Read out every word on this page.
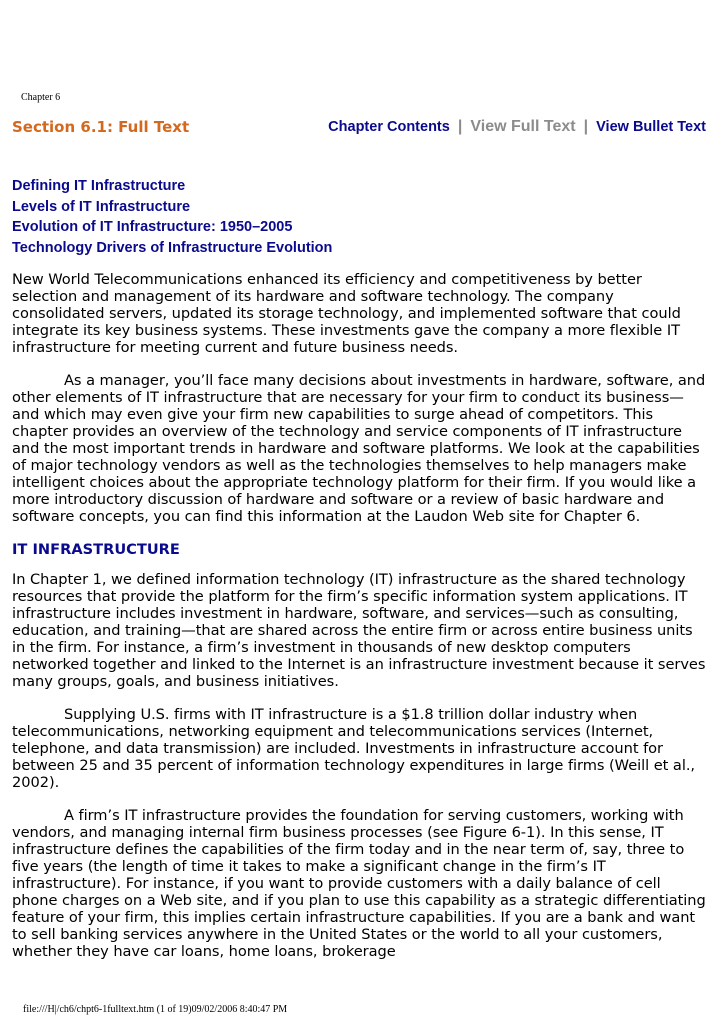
Chapter 6
Section 6.1: Full Text	Chapter Contents | View Full Text | View Bullet Text
Defining IT Infrastructure
Levels of IT Infrastructure
Evolution of IT Infrastructure: 1950–2005
Technology Drivers of Infrastructure Evolution

New World Telecommunications enhanced its efficiency and competitiveness by better selection and management of its hardware and software technology. The company consolidated servers, updated its storage technology, and implemented software that could integrate its key business systems. These investments gave the company a more flexible IT infrastructure for meeting current and future business needs.

As a manager, you’ll face many decisions about investments in hardware, software, and other elements of IT infrastructure that are necessary for your firm to conduct its business—and which may even give your firm new capabilities to surge ahead of competitors. This chapter provides an overview of the technology and service components of IT infrastructure and the most important trends in hardware and software platforms. We look at the capabilities of major technology vendors as well as the technologies themselves to help managers make intelligent choices about the appropriate technology platform for their firm. If you would like a more introductory discussion of hardware and software or a review of basic hardware and software concepts, you can find this information at the Laudon Web site for Chapter 6.

IT INFRASTRUCTURE

In Chapter 1, we defined information technology (IT) infrastructure as the shared technology resources that provide the platform for the firm’s specific information system applications. IT infrastructure includes investment in hardware, software, and services—such as consulting, education, and training—that are shared across the entire firm or across entire business units in the firm. For instance, a firm’s investment in thousands of new desktop computers networked together and linked to the Internet is an infrastructure investment because it serves many groups, goals, and business initiatives.

Supplying U.S. firms with IT infrastructure is a $1.8 trillion dollar industry when telecommunications, networking equipment and telecommunications services (Internet, telephone, and data transmission) are included. Investments in infrastructure account for between 25 and 35 percent of information technology expenditures in large firms (Weill et al., 2002).

A firm’s IT infrastructure provides the foundation for serving customers, working with vendors, and managing internal firm business processes (see Figure 6-1). In this sense, IT infrastructure defines the capabilities of the firm today and in the near term of, say, three to five years (the length of time it takes to make a significant change in the firm’s IT infrastructure). For instance, if you want to provide customers with a daily balance of cell phone charges on a Web site, and if you plan to use this capability as a strategic differentiating feature of your firm, this implies certain infrastructure capabilities. If you are a bank and want to sell banking services anywhere in the United States or the world to all your customers, whether they have car loans, home loans, brokerage

file:///H|/ch6/chpt6-1fulltext.htm (1 of 19)09/02/2006 8:40:47 PM
